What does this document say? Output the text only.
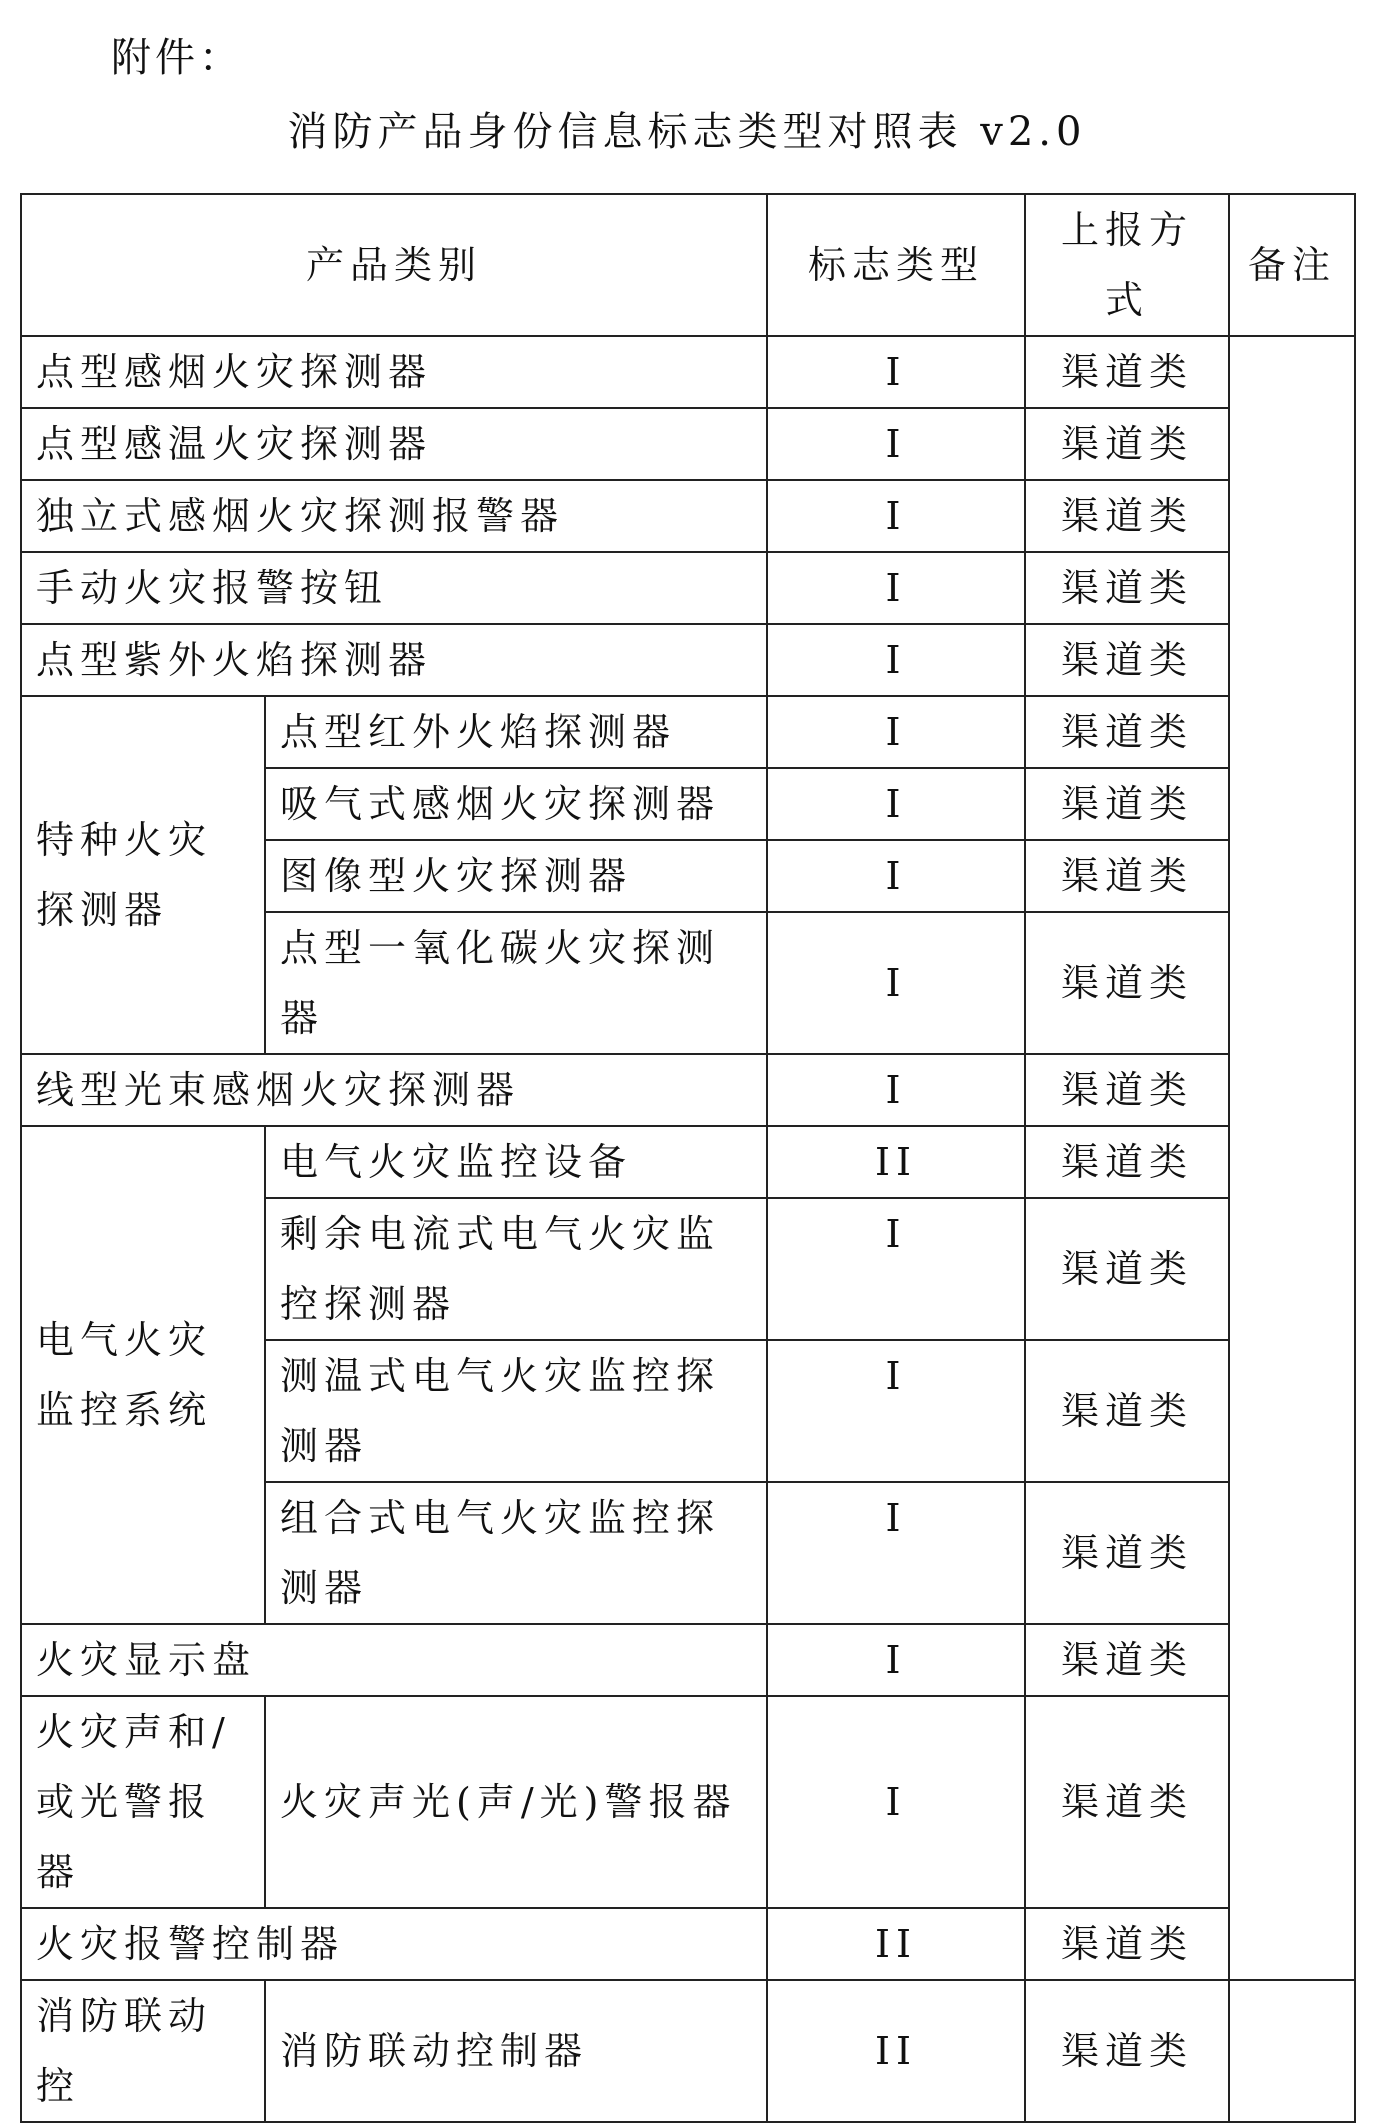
附件：
消防产品身份信息标志类型对照表 v2.0
产品类别		标志类型	上报方式	备注
点型感烟火灾探测器		I	渠道类	
点型感温火灾探测器		I	渠道类	
独立式感烟火灾探测报警器		I	渠道类	
手动火灾报警按钮		I	渠道类	
点型紫外火焰探测器		I	渠道类	
特种火灾探测器	点型红外火焰探测器	I	渠道类	
	吸气式感烟火灾探测器	I	渠道类	
	图像型火灾探测器	I	渠道类	
	点型一氧化碳火灾探测器	I	渠道类	
线型光束感烟火灾探测器		I	渠道类	
电气火灾监控系统	电气火灾监控设备	II	渠道类	
	剩余电流式电气火灾监控探测器	I	渠道类	
	测温式电气火灾监控探测器	I	渠道类	
	组合式电气火灾监控探测器	I	渠道类	
火灾显示盘		I	渠道类	
火灾声和/或光警报器	火灾声光(声/光)警报器	I	渠道类	
火灾报警控制器		II	渠道类	
消防联动控	消防联动控制器	II	渠道类	
